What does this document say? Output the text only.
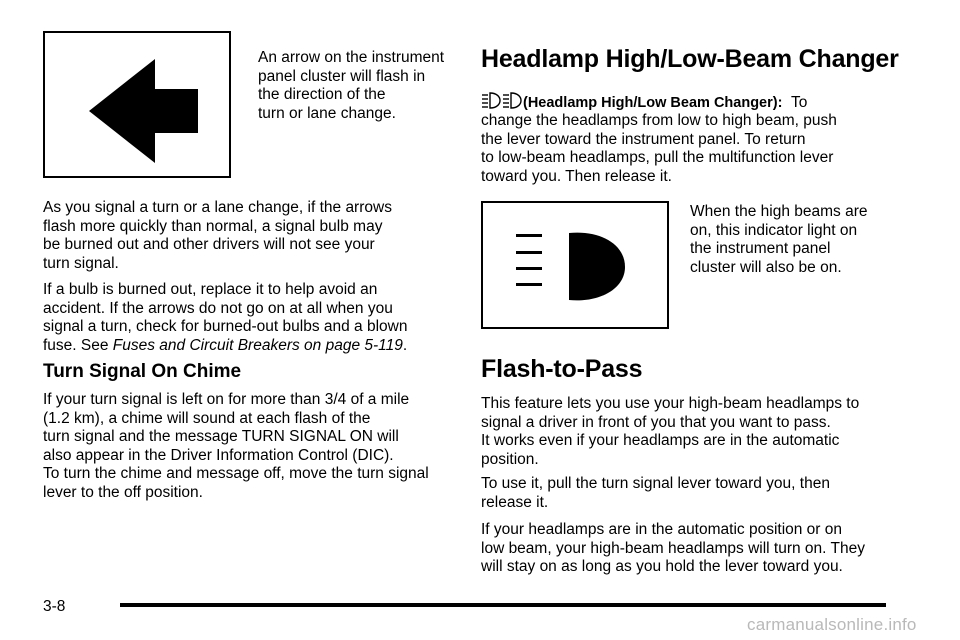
An arrow on the instrument
panel cluster will flash in
the direction of the
turn or lane change.
As you signal a turn or a lane change, if the arrows
flash more quickly than normal, a signal bulb may
be burned out and other drivers will not see your
turn signal.
If a bulb is burned out, replace it to help avoid an
accident. If the arrows do not go on at all when you
signal a turn, check for burned-out bulbs and a blown
fuse. See Fuses and Circuit Breakers on page 5-119.
Turn Signal On Chime
If your turn signal is left on for more than 3/4 of a mile
(1.2 km), a chime will sound at each flash of the
turn signal and the message TURN SIGNAL ON will
also appear in the Driver Information Control (DIC).
To turn the chime and message off, move the turn signal
lever to the off position.
Headlamp High/Low-Beam Changer
(Headlamp High/Low Beam Changer): To
change the headlamps from low to high beam, push
the lever toward the instrument panel. To return
to low-beam headlamps, pull the multifunction lever
toward you. Then release it.
When the high beams are
on, this indicator light on
the instrument panel
cluster will also be on.
Flash-to-Pass
This feature lets you use your high-beam headlamps to
signal a driver in front of you that you want to pass.
It works even if your headlamps are in the automatic
position.
To use it, pull the turn signal lever toward you, then
release it.
If your headlamps are in the automatic position or on
low beam, your high-beam headlamps will turn on. They
will stay on as long as you hold the lever toward you.
3-8
carmanualsonline.info
